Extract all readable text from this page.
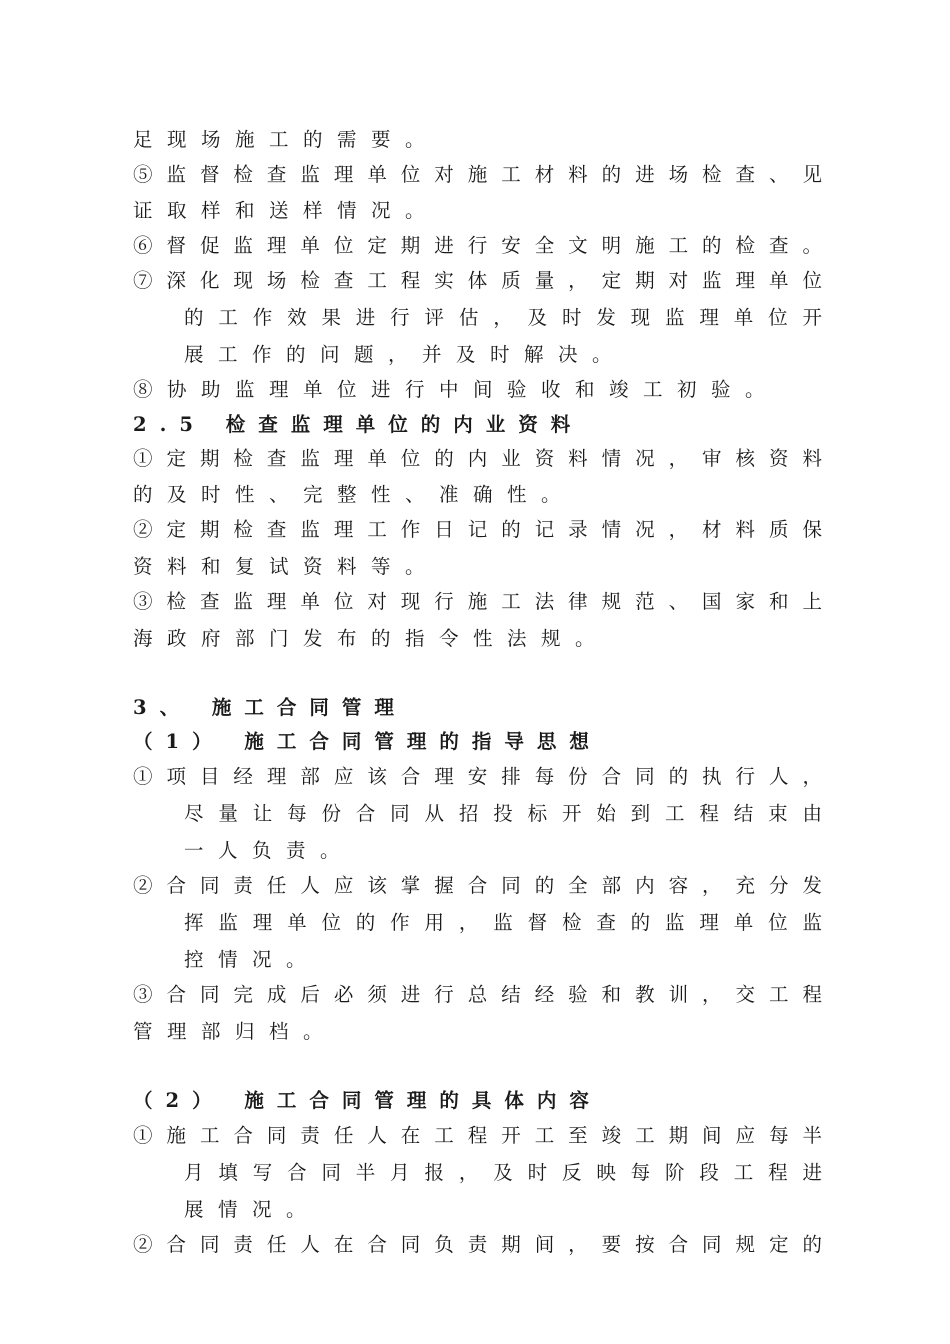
足现场施工的需要。
⑤监督检查监理单位对施工材料的进场检查、见
证取样和送样情况。
⑥督促监理单位定期进行安全文明施工的检查。
⑦深化现场检查工程实体质量，定期对监理单位
的工作效果进行评估，及时发现监理单位开
展工作的问题，并及时解决。
⑧协助监理单位进行中间验收和竣工初验。
2.5 检查监理单位的内业资料
①定期检查监理单位的内业资料情况，审核资料
的及时性、完整性、准确性。
②定期检查监理工作日记的记录情况，材料质保
资料和复试资料等。
③检查监理单位对现行施工法律规范、国家和上
海政府部门发布的指令性法规。
3、 施工合同管理
（1） 施工合同管理的指导思想
①项目经理部应该合理安排每份合同的执行人，
尽量让每份合同从招投标开始到工程结束由
一人负责。
②合同责任人应该掌握合同的全部内容，充分发
挥监理单位的作用，监督检查的监理单位监
控情况。
③合同完成后必须进行总结经验和教训，交工程
管理部归档。
（2） 施工合同管理的具体内容
①施工合同责任人在工程开工至竣工期间应每半
月填写合同半月报，及时反映每阶段工程进
展情况。
②合同责任人在合同负责期间，要按合同规定的
